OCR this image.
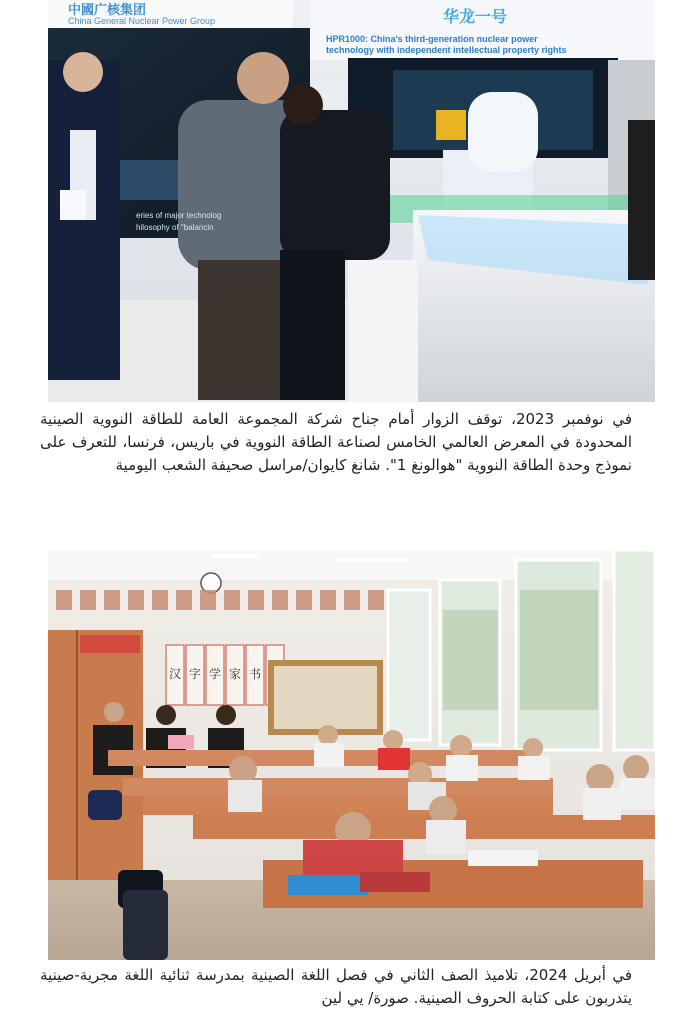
中國广核集团
China General Nuclear Power Group	华龙一号
HPR1000: China's third-generation nuclear power
technology with independent intellectual property rights
eries of major technolog
hilosophy of "balancin
في نوفمبر 2023، توقف الزوار أمام جناح شركة المجموعة العامة للطاقة النووية الصينية المحدودة في المعرض العالمي الخامس لصناعة الطاقة النووية في باريس، فرنسا، للتعرف على نموذج وحدة الطاقة النووية "هوالونغ 1". شانغ كايوان/مراسل صحيفة الشعب اليومية
汉 字 学 家 书
في أبريل 2024، تلاميذ الصف الثاني في فصل اللغة الصينية بمدرسة ثنائية اللغة مجرية-صينية يتدربون على كتابة الحروف الصينية. صورة/ يي لين
